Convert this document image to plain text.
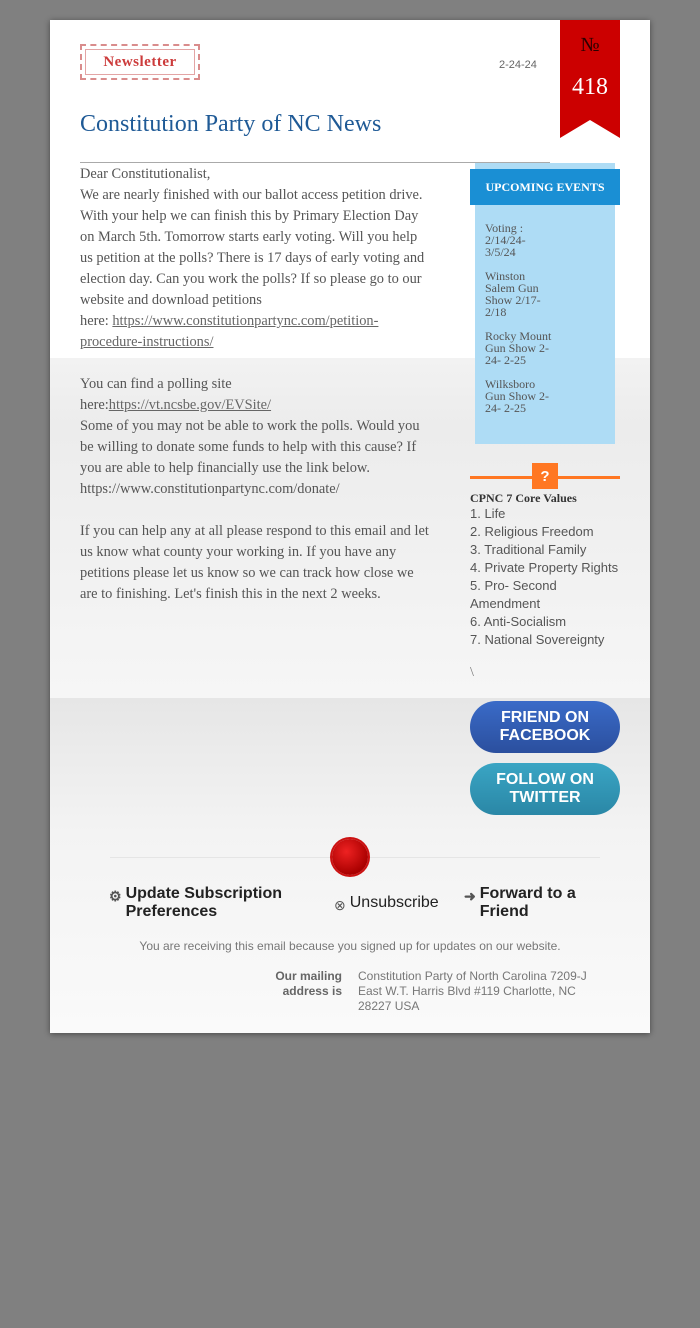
Newsletter	2-24-24
№
418
Constitution Party of NC News

Dear Constitutionalist,

We are nearly finished with our ballot access petition drive. With your help we can finish this by Primary Election Day on March 5th. Tomorrow starts early voting. Will you help us petition at the polls? There is 17 days of early voting and election day. Can you work the polls? If so please go to our website and download petitions

here: https://www.constitutionpartync.com/petition-procedure-instructions/

You can find a polling site

here:https://vt.ncsbe.gov/EVSite/

Some of you may not be able to work the polls. Would you be willing to donate some funds to help with this cause? If you are able to help financially use the link below.

https://www.constitutionpartync.com/donate/

If you can help any at all please respond to this email and let us know what county your working in. If you have any petitions please let us know so we can track how close we are to finishing. Let's finish this in the next 2 weeks.

UPCOMING EVENTS
Voting : 2/14/24-3/5/24
Winston Salem Gun Show 2/17-2/18
Rocky Mount Gun Show 2-24- 2-25
Wilksboro Gun Show 2-24- 2-25
?
CPNC 7 Core Values
1. Life
2. Religious Freedom
3. Traditional Family
4. Private Property Rights
5. Pro- Second
Amendment
6. Anti-Socialism
7. National Sovereignty
\
FRIEND ON FACEBOOK
FOLLOW ON TWITTER
⚙ Update Subscription Preferences	⊗ Unsubscribe ➜ Forward to a Friend
You are receiving this email because you signed up for updates on our website.
Our mailing address is
Constitution Party of North Carolina 7209-J East W.T. Harris Blvd #119 Charlotte, NC 28227 USA
